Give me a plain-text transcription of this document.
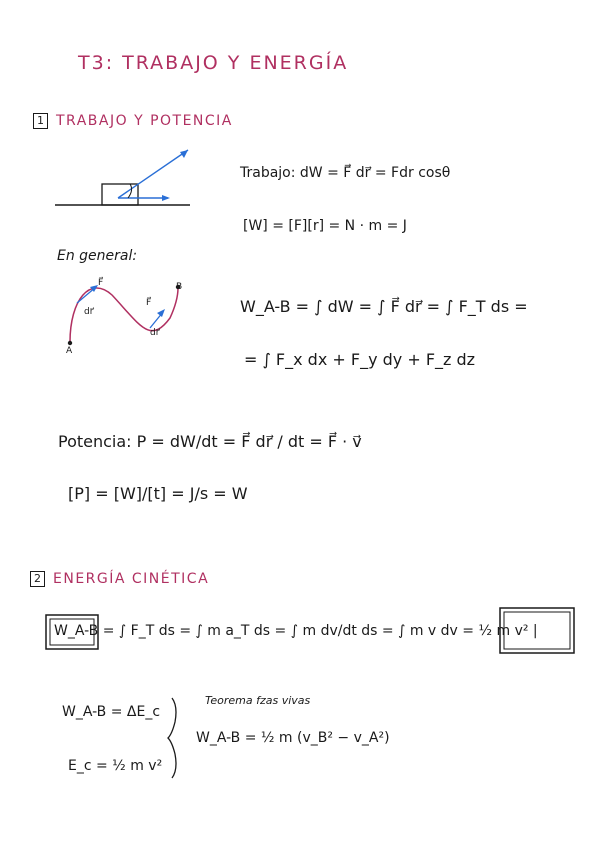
T3: TRABAJO Y ENERGÍA
1 TRABAJO Y POTENCIA
Trabajo: dW = F⃗ dr⃗ = Fdr cosθ
[W] = [F][r] = N · m = J
En general:
A
B
F⃗
F⃗
dr⃗
dr⃗
W_A-B = ∫ dW = ∫ F⃗ dr⃗ = ∫ F_T ds =
= ∫ F_x dx + F_y dy + F_z dz
Potencia: P = dW/dt = F⃗ dr⃗ / dt = F⃗ · v⃗
[P] = [W]/[t] = J/s = W
2 ENERGÍA CINÉTICA
W_A-B = ∫ F_T ds = ∫ m a_T ds = ∫ m dv/dt ds = ∫ m v dv = ½ m v² |
Teorema fzas vivas
W_A-B = ΔE_c
E_c = ½ m v²
W_A-B = ½ m (v_B² − v_A²)
